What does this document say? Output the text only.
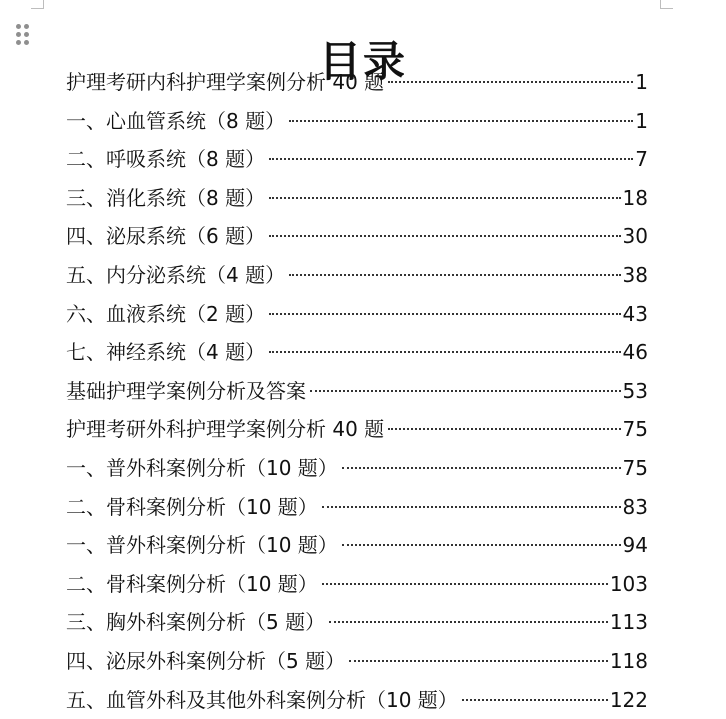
目录
护理考研内科护理学案例分析 40 题	1
一、心血管系统（8 题）	1
二、呼吸系统（8 题）	7
三、消化系统（8 题）	18
四、泌尿系统（6 题）	30
五、内分泌系统（4 题）	38
六、血液系统（2 题）	43
七、神经系统（4 题）	46
基础护理学案例分析及答案	53
护理考研外科护理学案例分析 40 题	75
一、普外科案例分析（10 题）	75
二、骨科案例分析（10 题）	83
一、普外科案例分析（10 题）	94
二、骨科案例分析（10 题）	103
三、胸外科案例分析（5 题）	113
四、泌尿外科案例分析（5 题）	118
五、血管外科及其他外科案例分析（10 题）	122
